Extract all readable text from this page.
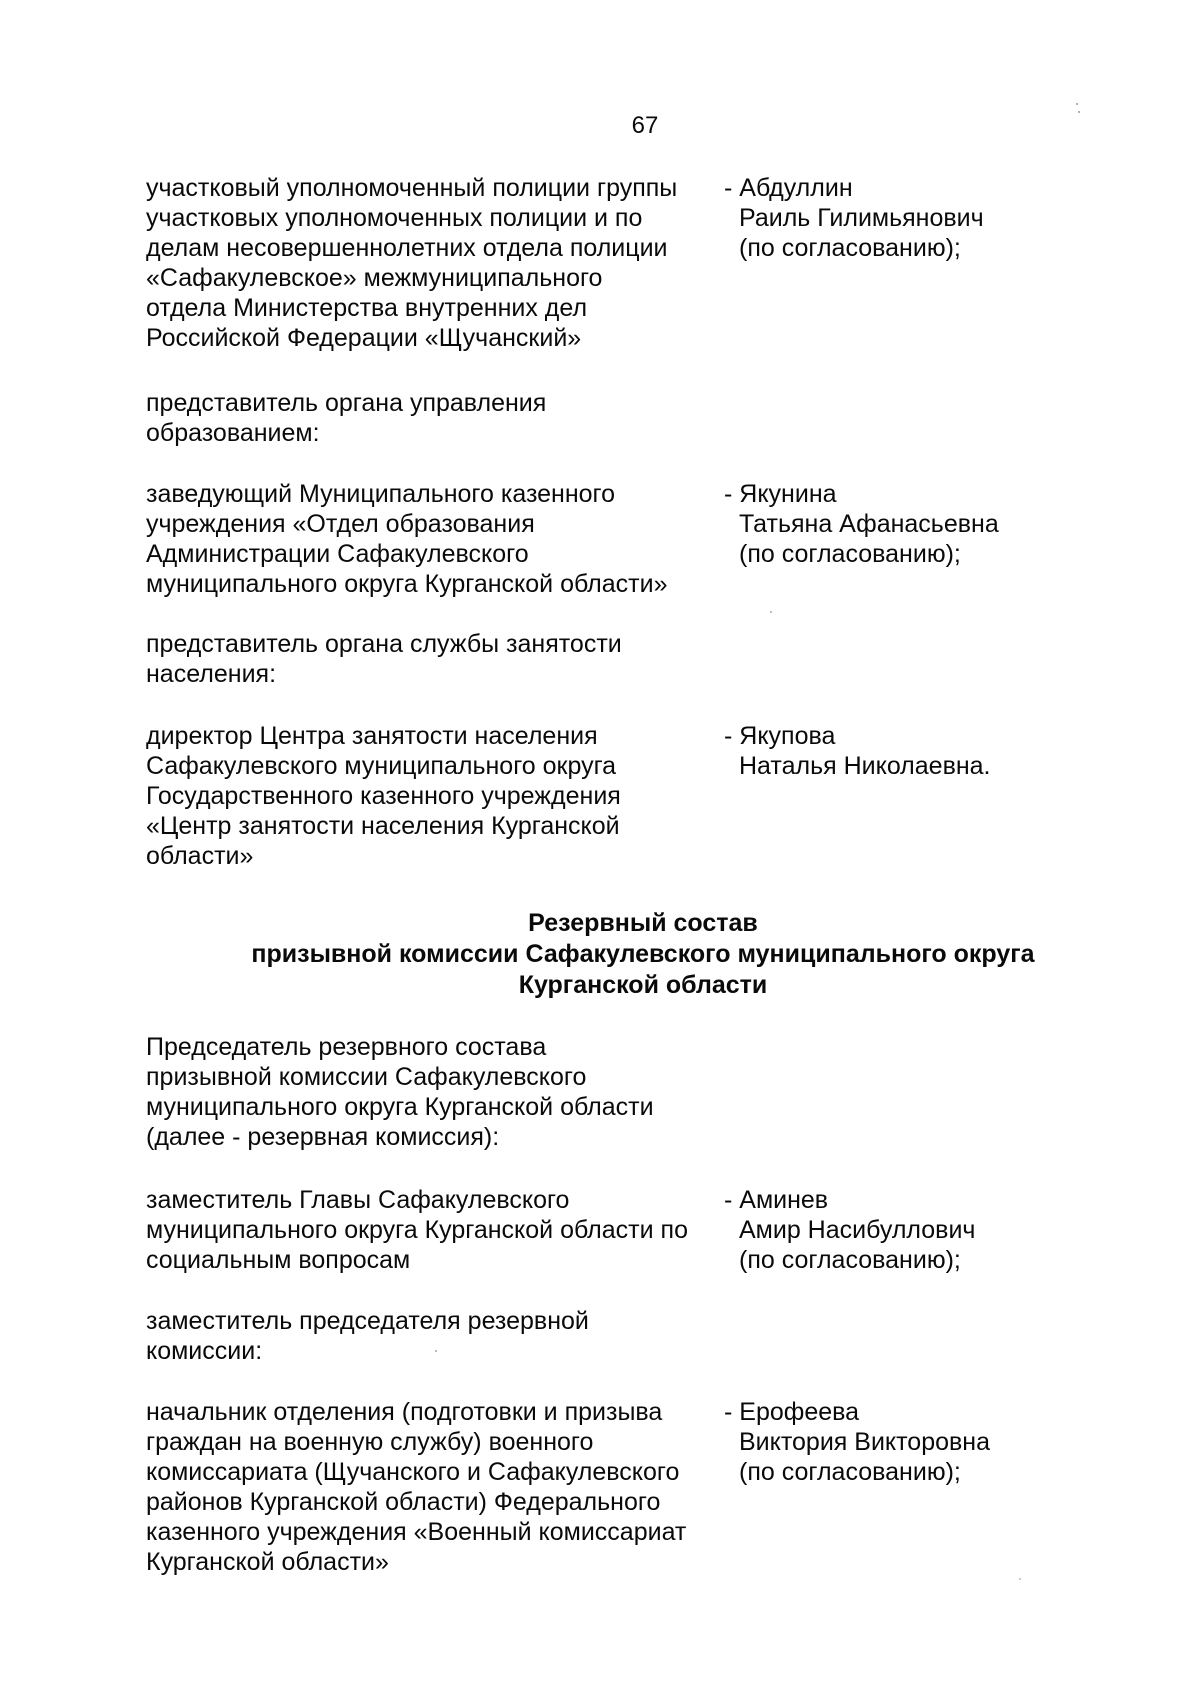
67
участковый уполномоченный полиции группы
участковых уполномоченных полиции и по
делам несовершеннолетних отдела полиции
«Сафакулевское» межмуниципального
отдела Министерства внутренних дел
Российской Федерации «Щучанский»
- Абдуллин
Раиль Гилимьянович
(по согласованию);
представитель органа управления
образованием:
заведующий Муниципального казенного
учреждения «Отдел образования
Администрации Сафакулевского
муниципального округа Курганской области»
- Якунина
Татьяна Афанасьевна
(по согласованию);
представитель органа службы занятости
населения:
директор Центра занятости населения
Сафакулевского муниципального округа
Государственного казенного учреждения
«Центр занятости населения Курганской
области»
- Якупова
Наталья Николаевна.
Резервный состав
призывной комиссии Сафакулевского муниципального округа
Курганской области
Председатель резервного состава
призывной комиссии Сафакулевского
муниципального округа Курганской области
(далее - резервная комиссия):
заместитель Главы Сафакулевского
муниципального округа Курганской области по
социальным вопросам
- Аминев
Амир Насибуллович
(по согласованию);
заместитель председателя резервной
комиссии:
начальник отделения (подготовки и призыва
граждан на военную службу) военного
комиссариата (Щучанского и Сафакулевского
районов Курганской области) Федерального
казенного учреждения «Военный комиссариат
Курганской области»
- Ерофеева
Виктория Викторовна
(по согласованию);
